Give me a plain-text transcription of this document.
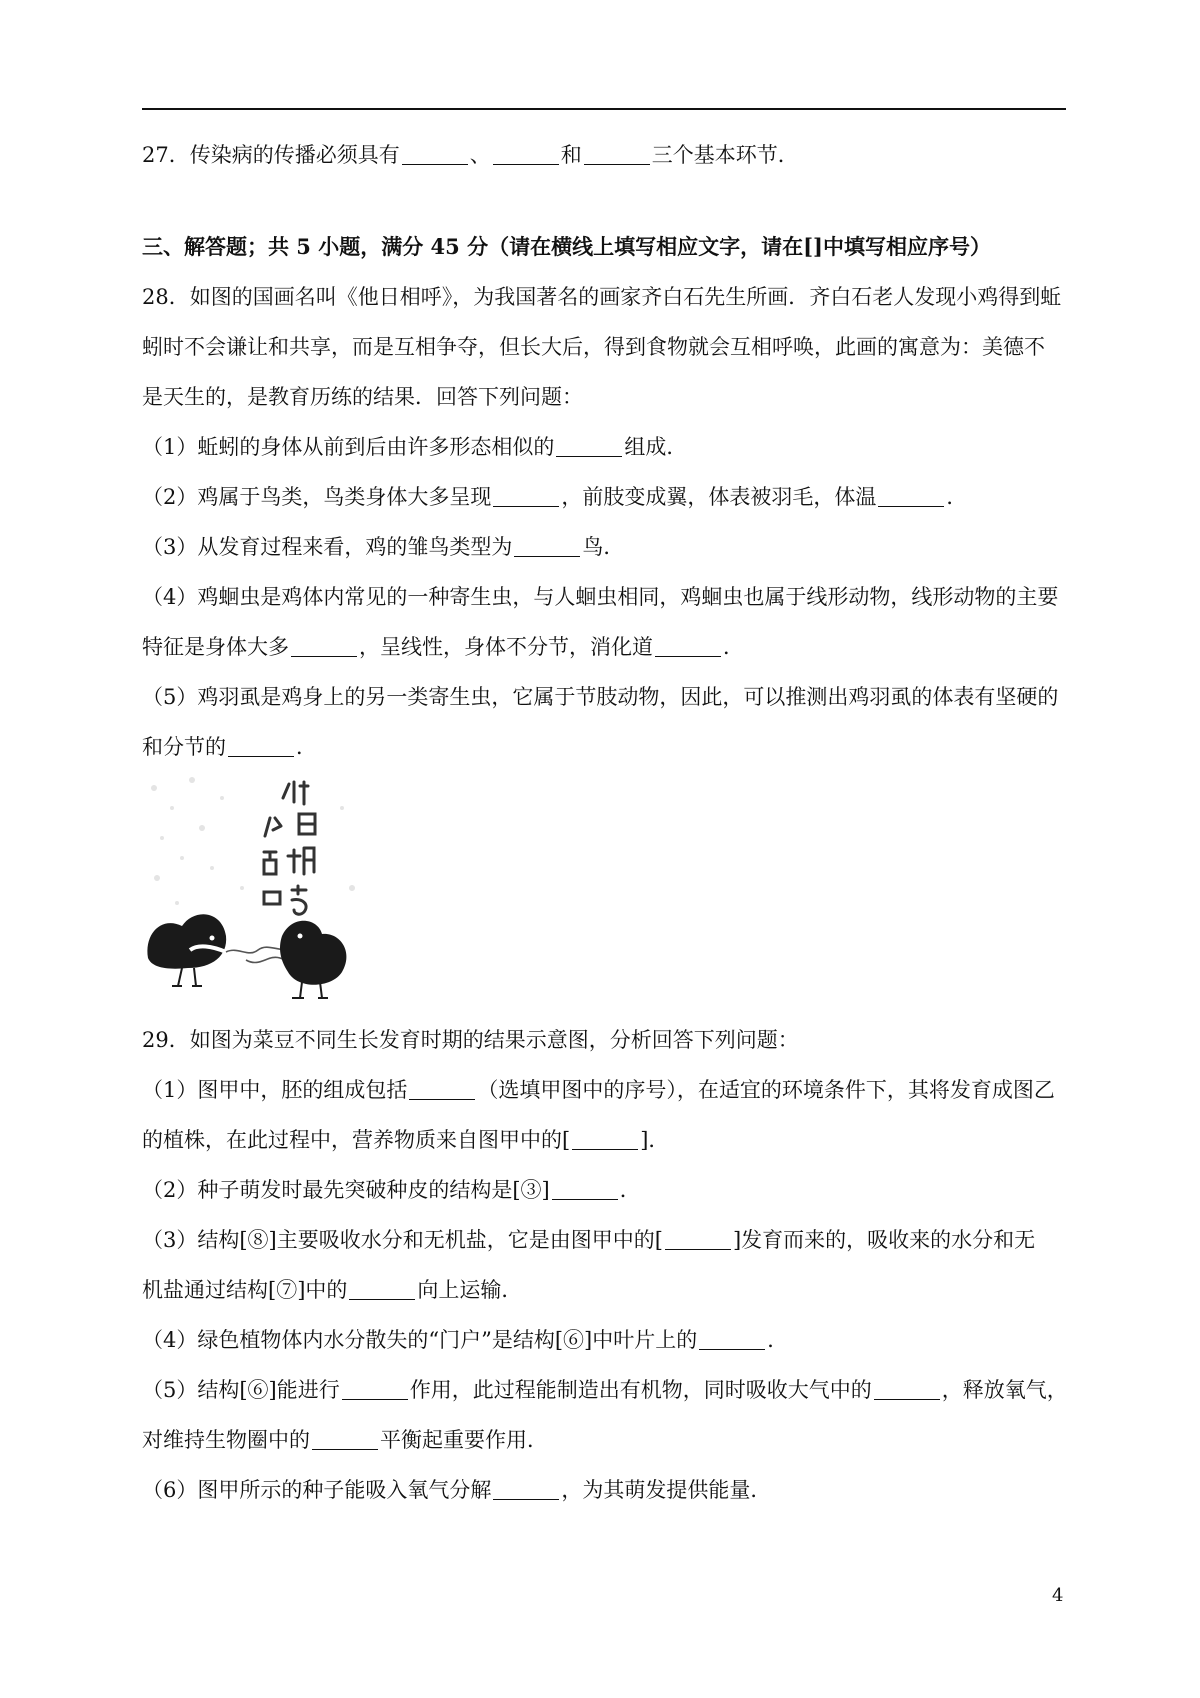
27．传染病的传播必须具有	、	和	三个基本环节．
三、解答题；共 5 小题，满分 45 分（请在横线上填写相应文字，请在[]中填写相应序号）
28．如图的国画名叫《他日相呼》，为我国著名的画家齐白石先生所画．齐白石老人发现小鸡得到蚯
蚓时不会谦让和共享，而是互相争夺，但长大后，得到食物就会互相呼唤，此画的寓意为：美德不
是天生的，是教育历练的结果．回答下列问题：
（1）蚯蚓的身体从前到后由许多形态相似的	组成．
（2）鸡属于鸟类，鸟类身体大多呈现	，前肢变成翼，体表被羽毛，体温	．
（3）从发育过程来看，鸡的雏鸟类型为	鸟．
（4）鸡蛔虫是鸡体内常见的一种寄生虫，与人蛔虫相同，鸡蛔虫也属于线形动物，线形动物的主要
特征是身体大多	，呈线性，身体不分节，消化道	．
（5）鸡羽虱是鸡身上的另一类寄生虫，它属于节肢动物，因此，可以推测出鸡羽虱的体表有坚硬的
和分节的	．
29．如图为菜豆不同生长发育时期的结果示意图，分析回答下列问题：
（1）图甲中，胚的组成包括	（选填甲图中的序号），在适宜的环境条件下，其将发育成图乙
的植株，在此过程中，营养物质来自图甲中的[	]．
（2）种子萌发时最先突破种皮的结构是[③]	．
（3）结构[⑧]主要吸收水分和无机盐，它是由图甲中的[	]发育而来的，吸收来的水分和无
机盐通过结构[⑦]中的	向上运输．
（4）绿色植物体内水分散失的“门户”是结构[⑥]中叶片上的	．
（5）结构[⑥]能进行	作用，此过程能制造出有机物，同时吸收大气中的	，释放氧气，
对维持生物圈中的	平衡起重要作用．
（6）图甲所示的种子能吸入氧气分解	，为其萌发提供能量．
4
